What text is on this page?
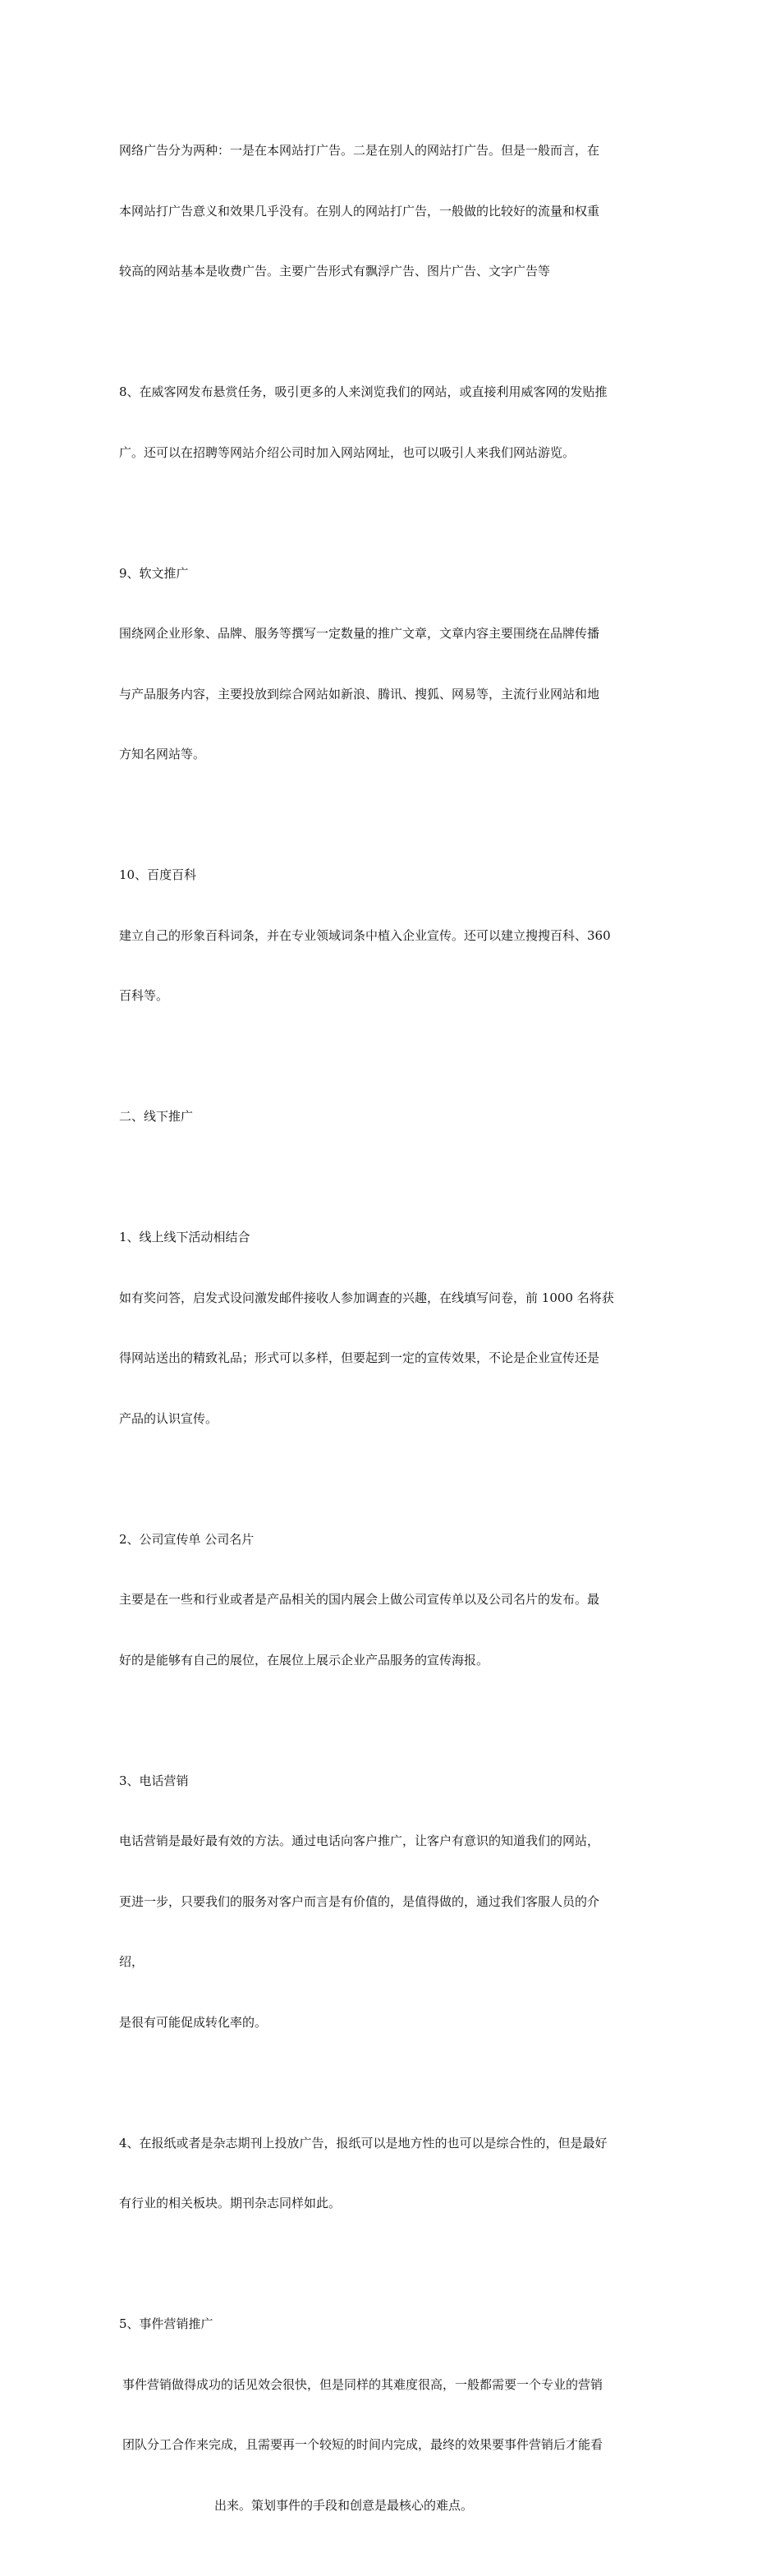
网络广告分为两种：一是在本网站打广告。二是在别人的网站打广告。但是一般而言，在

本网站打广告意义和效果几乎没有。在别人的网站打广告，一般做的比较好的流量和权重

较高的网站基本是收费广告。主要广告形式有飘浮广告、图片广告、文字广告等

8、在威客网发布悬赏任务，吸引更多的人来浏览我们的网站，或直接利用威客网的发贴推

广。还可以在招聘等网站介绍公司时加入网站网址，也可以吸引人来我们网站游览。

9、软文推广

围绕网企业形象、品牌、服务等撰写一定数量的推广文章，文章内容主要围绕在品牌传播

与产品服务内容，主要投放到综合网站如新浪、腾讯、搜狐、网易等，主流行业网站和地

方知名网站等。

10、百度百科

建立自己的形象百科词条，并在专业领域词条中植入企业宣传。还可以建立搜搜百科、360

百科等。

二、线下推广

1、线上线下活动相结合

如有奖问答，启发式设问激发邮件接收人参加调查的兴趣，在线填写问卷，前 1000 名将获

得网站送出的精致礼品；形式可以多样，但要起到一定的宣传效果，不论是企业宣传还是

产品的认识宣传。

2、公司宣传单 公司名片

主要是在一些和行业或者是产品相关的国内展会上做公司宣传单以及公司名片的发布。最

好的是能够有自己的展位，在展位上展示企业产品服务的宣传海报。

3、电话营销

电话营销是最好最有效的方法。通过电话向客户推广，让客户有意识的知道我们的网站，

更进一步，只要我们的服务对客户而言是有价值的，是值得做的，通过我们客服人员的介

绍，

是很有可能促成转化率的。

4、在报纸或者是杂志期刊上投放广告，报纸可以是地方性的也可以是综合性的，但是最好

有行业的相关板块。期刊杂志同样如此。

5、事件营销推广

事件营销做得成功的话见效会很快，但是同样的其难度很高，一般都需要一个专业的营销

团队分工合作来完成，且需要再一个较短的时间内完成，最终的效果要事件营销后才能看

出来。策划事件的手段和创意是最核心的难点。
